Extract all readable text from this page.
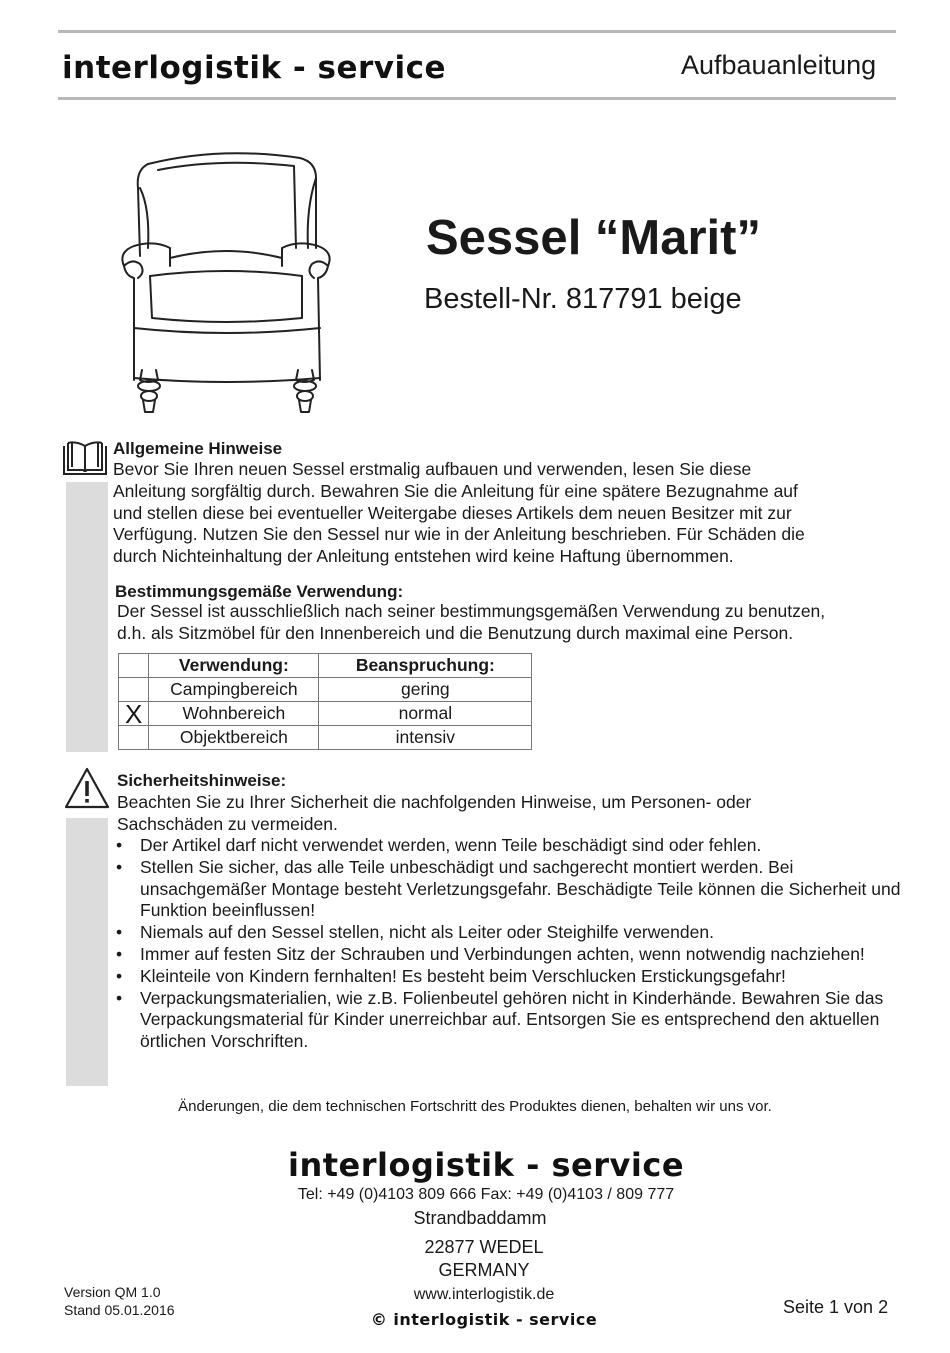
interlogistik - service	Aufbauanleitung
Sessel “Marit”
Bestell-Nr. 817791 beige
Allgemeine Hinweise
Bevor Sie Ihren neuen Sessel erstmalig aufbauen und verwenden, lesen Sie diese
Anleitung sorgfältig durch. Bewahren Sie die Anleitung für eine spätere Bezugnahme auf
und stellen diese bei eventueller Weitergabe dieses Artikels dem neuen Besitzer mit zur
Verfügung. Nutzen Sie den Sessel nur wie in der Anleitung beschrieben. Für Schäden die
durch Nichteinhaltung der Anleitung entstehen wird keine Haftung übernommen.
Bestimmungsgemäße Verwendung:
Der Sessel ist ausschließlich nach seiner bestimmungsgemäßen Verwendung zu benutzen,
d.h. als Sitzmöbel für den Innenbereich und die Benutzung durch maximal eine Person.
	Verwendung:	Beanspruchung:
	Campingbereich	gering
X	Wohnbereich	normal
	Objektbereich	intensiv
Sicherheitshinweise:
Beachten Sie zu Ihrer Sicherheit die nachfolgenden Hinweise, um Personen- oder
Sachschäden zu vermeiden.
• Der Artikel darf nicht verwendet werden, wenn Teile beschädigt sind oder fehlen.
• Stellen Sie sicher, das alle Teile unbeschädigt und sachgerecht montiert werden. Bei unsachgemäßer Montage besteht Verletzungsgefahr. Beschädigte Teile können die Sicherheit und Funktion beeinflussen!
• Niemals auf den Sessel stellen, nicht als Leiter oder Steighilfe verwenden.
• Immer auf festen Sitz der Schrauben und Verbindungen achten, wenn notwendig nachziehen!
• Kleinteile von Kindern fernhalten! Es besteht beim Verschlucken Erstickungsgefahr!
• Verpackungsmaterialien, wie z.B. Folienbeutel gehören nicht in Kinderhände. Bewahren Sie das Verpackungsmaterial für Kinder unerreichbar auf. Entsorgen Sie es entsprechend den aktuellen örtlichen Vorschriften.
Änderungen, die dem technischen Fortschritt des Produktes dienen, behalten wir uns vor.
interlogistik - service
Tel: +49 (0)4103 809 666 Fax: +49 (0)4103 / 809 777
Strandbaddamm
22877 WEDEL
GERMANY
www.interlogistik.de
© interlogistik - service
Version QM 1.0
Stand 05.01.2016	Seite 1 von 2
